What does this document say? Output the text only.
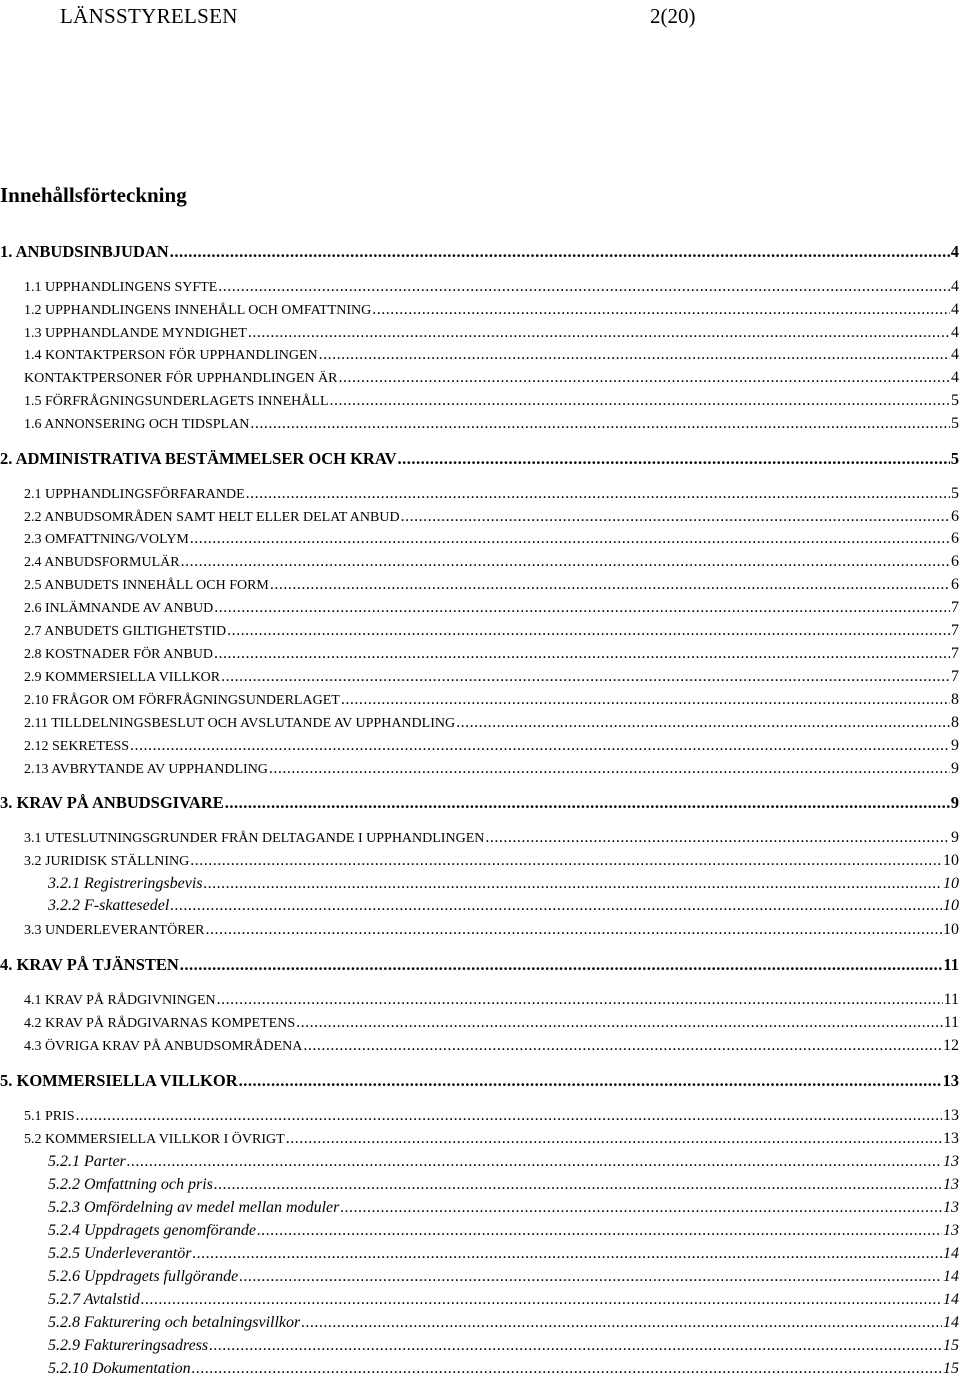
LÄNSSTYRELSEN	2(20)
Innehållsförteckning
1. ANBUDSINBJUDAN .....	4
1.1 UPPHANDLINGENS SYFTE .....	4
1.2 UPPHANDLINGENS INNEHÅLL OCH OMFATTNING .....	4
1.3 UPPHANDLANDE MYNDIGHET .....	4
1.4 KONTAKTPERSON FÖR UPPHANDLINGEN .....	4
KONTAKTPERSONER FÖR UPPHANDLINGEN ÄR .....	4
1.5 FÖRFRÅGNINGSUNDERLAGETS INNEHÅLL .....	5
1.6 ANNONSERING OCH TIDSPLAN .....	5
2. ADMINISTRATIVA BESTÄMMELSER OCH KRAV .....	5
2.1 UPPHANDLINGSFÖRFARANDE .....	5
2.2 ANBUDSOMRÅDEN SAMT HELT ELLER DELAT ANBUD .....	6
2.3 OMFATTNING/VOLYM .....	6
2.4 ANBUDSFORMULÄR .....	6
2.5 ANBUDETS INNEHÅLL OCH FORM .....	6
2.6 INLÄMNANDE AV ANBUD .....	7
2.7 ANBUDETS GILTIGHETSTID .....	7
2.8 KOSTNADER FÖR ANBUD .....	7
2.9 KOMMERSIELLA VILLKOR .....	7
2.10 FRÅGOR OM FÖRFRÅGNINGSUNDERLAGET .....	8
2.11 TILLDELNINGSBESLUT OCH AVSLUTANDE AV UPPHANDLING .....	8
2.12 SEKRETESS .....	9
2.13 AVBRYTANDE AV UPPHANDLING .....	9
3. KRAV PÅ ANBUDSGIVARE .....	9
3.1 UTESLUTNINGSGRUNDER FRÅN DELTAGANDE I UPPHANDLINGEN .....	9
3.2 JURIDISK STÄLLNING .....	10
3.2.1 Registreringsbevis .....	10
3.2.2 F-skattesedel .....	10
3.3 UNDERLEVERANTÖRER .....	10
4. KRAV PÅ TJÄNSTEN .....	11
4.1 KRAV PÅ RÅDGIVNINGEN .....	11
4.2 KRAV PÅ RÅDGIVARNAS KOMPETENS .....	11
4.3 ÖVRIGA KRAV PÅ ANBUDSOMRÅDENA .....	12
5. KOMMERSIELLA VILLKOR .....	13
5.1 PRIS .....	13
5.2 KOMMERSIELLA VILLKOR I ÖVRIGT .....	13
5.2.1 Parter .....	13
5.2.2 Omfattning och pris .....	13
5.2.3 Omfördelning av medel mellan moduler .....	13
5.2.4 Uppdragets genomförande .....	13
5.2.5 Underleverantör .....	14
5.2.6 Uppdragets fullgörande .....	14
5.2.7 Avtalstid .....	14
5.2.8 Fakturering och betalningsvillkor .....	14
5.2.9 Faktureringsadress .....	15
5.2.10 Dokumentation .....	15
